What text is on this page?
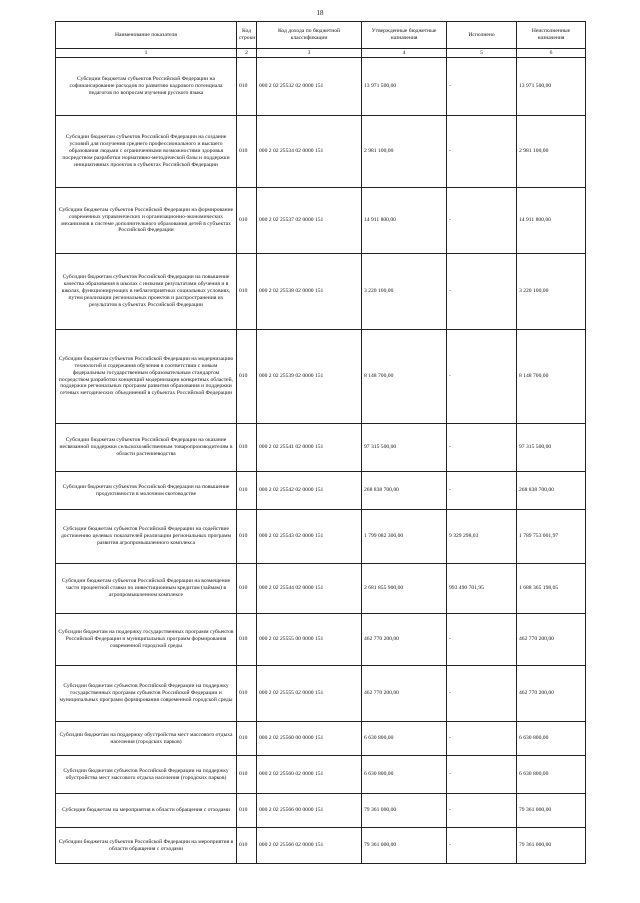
18
Наименование показателя	Код строки	Код дохода по бюджетной классификации	Утвержденные бюджетные назначения	Исполнено	Неисполненные назначения
1	2	3	4	5	6
Субсидии бюджетам субъектов Российской Федерации на софинансирование расходов по развитию кадрового потенциала педагогов по вопросам изучения русского языка	010	000 2 02 25532 02 0000 151	13 971 500,00	-	13 971 500,00
Субсидии бюджетам субъектов Российской Федерации на создание условий для получения среднего профессионального и высшего образования людьми с ограниченными возможностями здоровья посредством разработки нормативно-методической базы и поддержки инициативных проектов в субъектах Российской Федерации	010	000 2 02 25534 02 0000 151	2 981 100,00	-	2 981 100,00
Субсидии бюджетам субъектов Российской Федерации на формирование современных управленческих и организационно-экономических механизмов в системе дополнительного образования детей в субъектах Российской Федерации	010	000 2 02 25537 02 0000 151	14 911 800,00	-	14 911 800,00
Субсидии бюджетам субъектов Российской Федерации на повышение качества образования в школах с низкими результатами обучения и в школах, функционирующих в неблагоприятных социальных условиях, путем реализации региональных проектов и распространения их результатов в субъектах Российской Федерации	010	000 2 02 25538 02 0000 151	3 220 100,00	-	3 220 100,00
Субсидии бюджетам субъектов Российской Федерации на модернизацию технологий и содержания обучения в соответствии с новым федеральным государственным образовательным стандартом посредством разработки концепций модернизации конкретных областей, поддержки региональных программ развития образования и поддержки сетевых методических объединений в субъектах Российской Федерации	010	000 2 02 25539 02 0000 151	8 148 700,00	-	8 148 700,00
Субсидии бюджетам субъектов Российской Федерации на оказание несвязанной поддержки сельскохозяйственным товаропроизводителям в области растениеводства	010	000 2 02 25541 02 0000 151	97 315 500,00	-	97 315 500,00
Субсидии бюджетам субъектов Российской Федерации на повышение продуктивности в молочном скотоводстве	010	000 2 02 25542 02 0000 151	268 838 700,00	-	268 838 700,00
Субсидии бюджетам субъектов Российской Федерации на содействие достижению целевых показателей реализации региональных программ развития агропромышленного комплекса	010	000 2 02 25543 02 0000 151	1 799 082 300,00	9 329 298,03	1 789 753 001,97
Субсидии бюджетам субъектов Российской Федерации на возмещение части процентной ставки по инвестиционным кредитам (займам) в агропромышленном комплексе	010	000 2 02 25544 02 0000 151	2 681 855 900,00	993 490 701,95	1 688 365 198,05
Субсидии бюджетам на поддержку государственных программ субъектов Российской Федерации и муниципальных программ формирования современной городской среды	010	000 2 02 25555 00 0000 151	462 770 200,00	-	462 770 200,00
Субсидии бюджетам субъектов Российской Федерации на поддержку государственных программ субъектов Российской Федерации и муниципальных программ формирования современной городской среды	010	000 2 02 25555 02 0000 151	462 770 200,00	-	462 770 200,00
Субсидии бюджетам на поддержку обустройства мест массового отдыха населения (городских парков)	010	000 2 02 25560 00 0000 151	6 630 800,00	-	6 630 800,00
Субсидии бюджетам субъектов Российской Федерации на поддержку обустройства мест массового отдыха населения (городских парков)	010	000 2 02 25560 02 0000 151	6 630 800,00	-	6 630 800,00
Субсидии бюджетам на мероприятия в области обращения с отходами	010	000 2 02 25566 00 0000 151	79 361 000,00	-	79 361 000,00
Субсидии бюджетам субъектов Российской Федерации на мероприятия в области обращения с отходами	010	000 2 02 25566 02 0000 151	79 361 000,00	-	79 361 000,00
